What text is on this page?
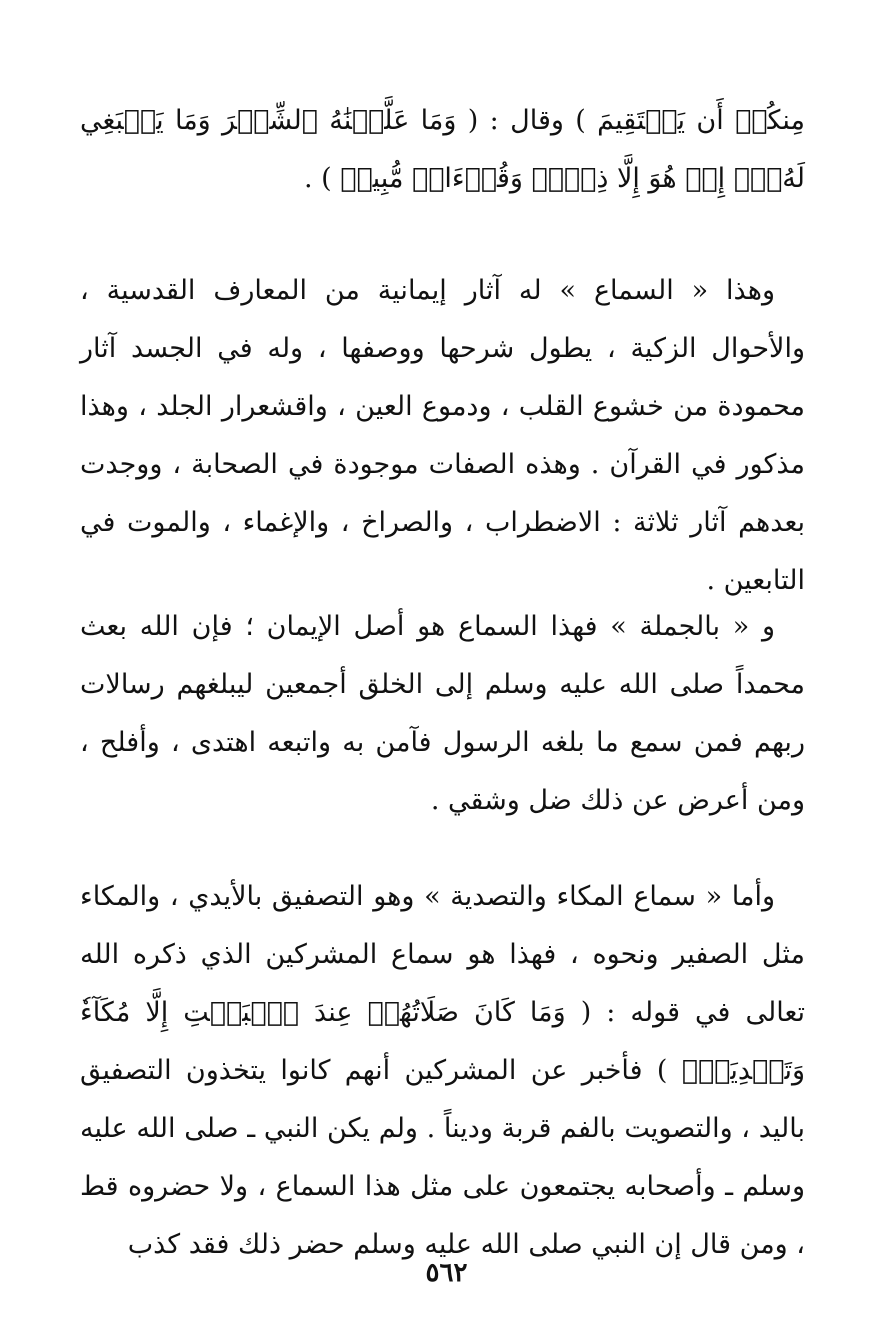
مِنكُمۡ أَن يَسۡتَقِيمَ ) وقال : ( وَمَا عَلَّمۡنَٰهُ ٱلشِّعۡرَ وَمَا يَنۢبَغِي لَهُۥٓۚ إِنۡ هُوَ إِلَّا ذِكۡرٞ وَقُرۡءَانٞ مُّبِينٞ ) .

وهذا « السماع » له آثار إيمانية من المعارف القدسية ، والأحوال الزكية ، يطول شرحها ووصفها ، وله في الجسد آثار محمودة من خشوع القلب ، ودموع العين ، واقشعرار الجلد ، وهذا مذكور في القرآن . وهذه الصفات موجودة في الصحابة ، ووجدت بعدهم آثار ثلاثة : الاضطراب ، والصراخ ، والإغماء ، والموت في التابعين .

و « بالجملة » فهذا السماع هو أصل الإيمان ؛ فإن الله بعث محمداً صلى الله عليه وسلم إلى الخلق أجمعين ليبلغهم رسالات ربهم فمن سمع ما بلغه الرسول فآمن به واتبعه اهتدى ، وأفلح ، ومن أعرض عن ذلك ضل وشقي .

وأما « سماع المكاء والتصدية » وهو التصفيق بالأيدي ، والمكاء مثل الصفير ونحوه ، فهذا هو سماع المشركين الذي ذكره الله تعالى في قوله : ( وَمَا كَانَ صَلَاتُهُمۡ عِندَ ٱلۡبَيۡتِ إِلَّا مُكَآءٗ وَتَصۡدِيَةٗۚ ) فأخبر عن المشركين أنهم كانوا يتخذون التصفيق باليد ، والتصويت بالفم قربة وديناً . ولم يكن النبي ـ صلى الله عليه وسلم ـ وأصحابه يجتمعون على مثل هذا السماع ، ولا حضروه قط ، ومن قال إن النبي صلى الله عليه وسلم حضر ذلك فقد كذب

٥٦٢
